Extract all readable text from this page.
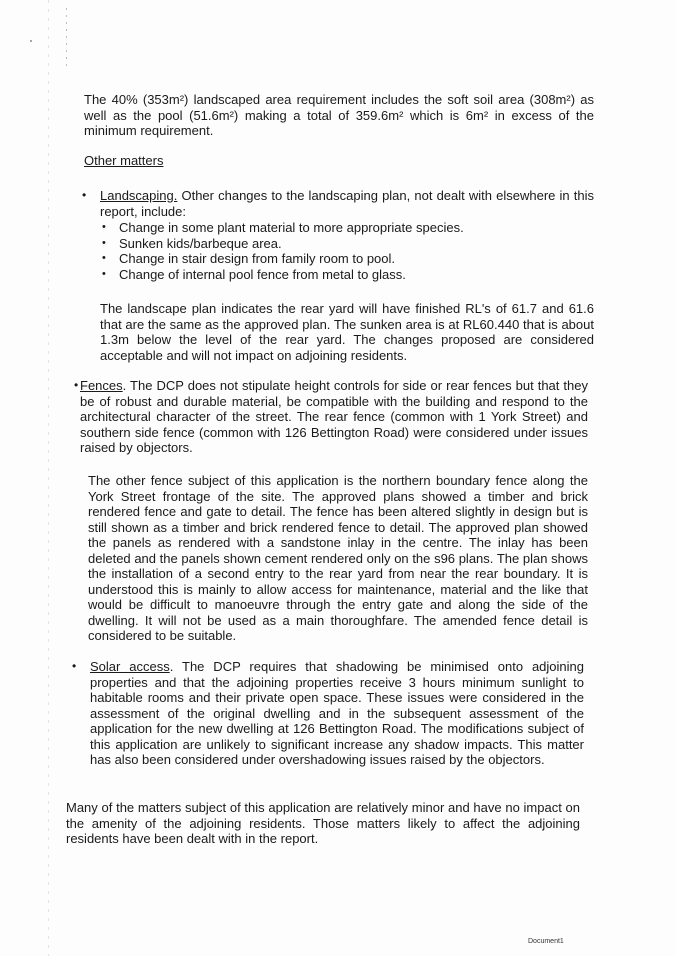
The 40% (353m²) landscaped area requirement includes the soft soil area (308m²) as well as the pool (51.6m²) making a total of 359.6m² which is 6m² in excess of the minimum requirement.

Other matters

• Landscaping. Other changes to the landscaping plan, not dealt with elsewhere in this report, include:

•	Change in some plant material to more appropriate species.
•	Sunken kids/barbeque area.
•	Change in stair design from family room to pool.
•	Change of internal pool fence from metal to glass.

The landscape plan indicates the rear yard will have finished RL's of 61.7 and 61.6 that are the same as the approved plan. The sunken area is at RL60.440 that is about 1.3m below the level of the rear yard. The changes proposed are considered acceptable and will not impact on adjoining residents.

• Fences. The DCP does not stipulate height controls for side or rear fences but that they be of robust and durable material, be compatible with the building and respond to the architectural character of the street. The rear fence (common with 1 York Street) and southern side fence (common with 126 Bettington Road) were considered under issues raised by objectors.

The other fence subject of this application is the northern boundary fence along the York Street frontage of the site. The approved plans showed a timber and brick rendered fence and gate to detail. The fence has been altered slightly in design but is still shown as a timber and brick rendered fence to detail. The approved plan showed the panels as rendered with a sandstone inlay in the centre. The inlay has been deleted and the panels shown cement rendered only on the s96 plans. The plan shows the installation of a second entry to the rear yard from near the rear boundary. It is understood this is mainly to allow access for maintenance, material and the like that would be difficult to manoeuvre through the entry gate and along the side of the dwelling. It will not be used as a main thoroughfare. The amended fence detail is considered to be suitable.

• Solar access. The DCP requires that shadowing be minimised onto adjoining properties and that the adjoining properties receive 3 hours minimum sunlight to habitable rooms and their private open space. These issues were considered in the assessment of the original dwelling and in the subsequent assessment of the application for the new dwelling at 126 Bettington Road. The modifications subject of this application are unlikely to significant increase any shadow impacts. This matter has also been considered under overshadowing issues raised by the objectors.

Many of the matters subject of this application are relatively minor and have no impact on the amenity of the adjoining residents. Those matters likely to affect the adjoining residents have been dealt with in the report.

Document1
